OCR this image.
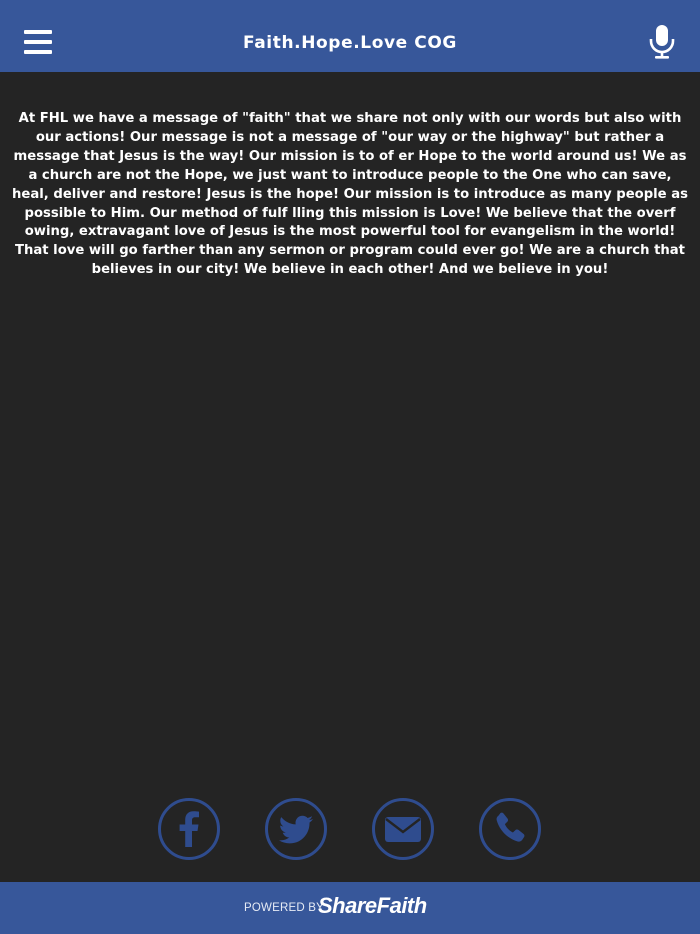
Faith.Hope.Love COG
At FHL we have a message of "faith" that we share not only with our words but also with our actions! Our message is not a message of "our way or the highway" but rather a message that Jesus is the way! Our mission is to of er Hope to the world around us! We as a church are not the Hope, we just want to introduce people to the One who can save, heal, deliver and restore! Jesus is the hope! Our mission is to introduce as many people as possible to Him. Our method of fulf lling this mission is Love! We believe that the overf owing, extravagant love of Jesus is the most powerful tool for evangelism in the world! That love will go farther than any sermon or program could ever go! We are a church that believes in our city! We believe in each other! And we believe in you!
POWERED BY
ShareFaith
